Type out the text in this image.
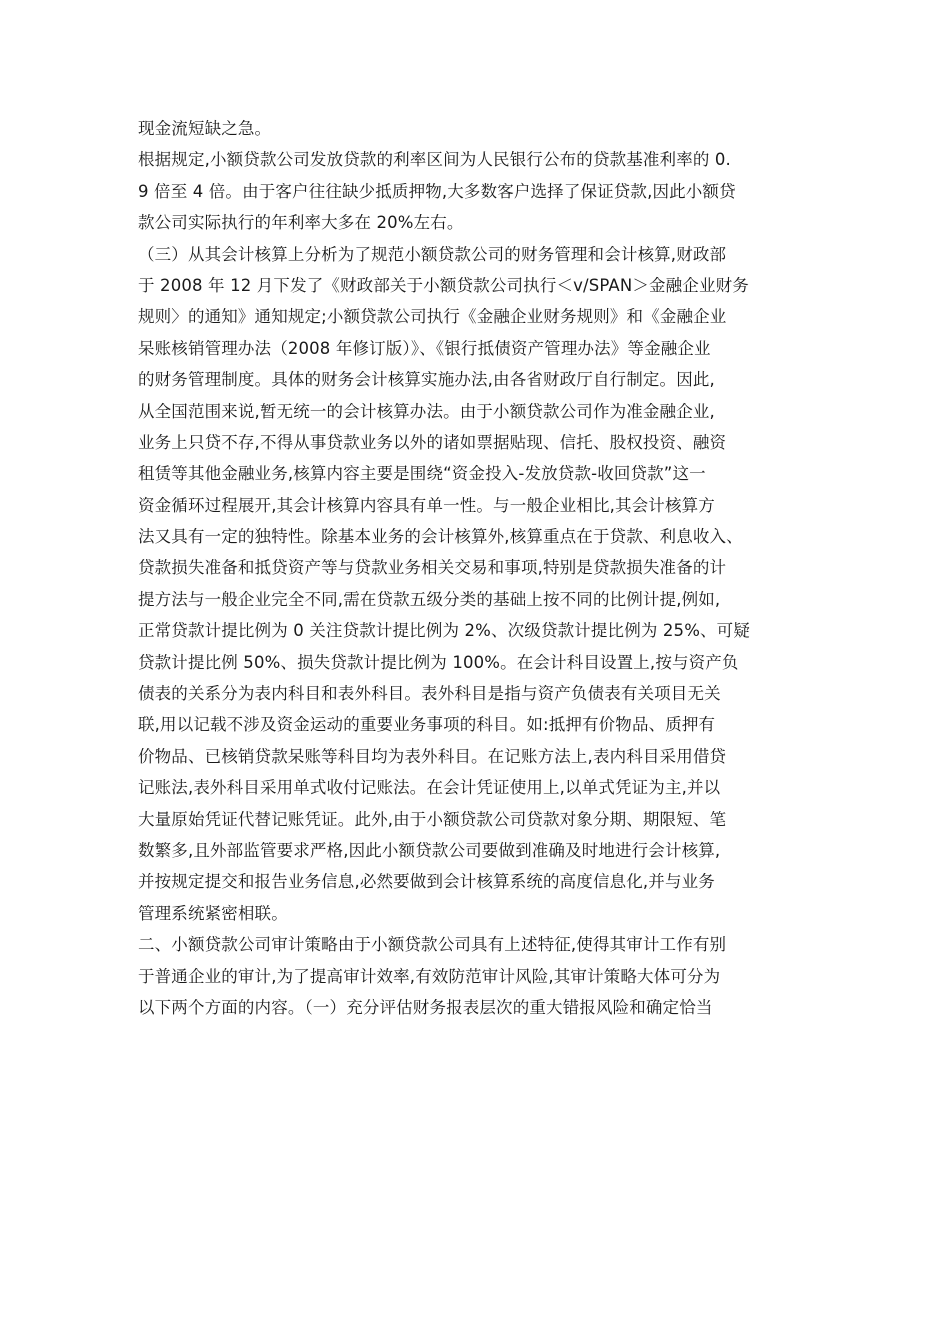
现金流短缺之急。
根据规定,小额贷款公司发放贷款的利率区间为人民银行公布的贷款基准利率的 0.
9 倍至 4 倍。由于客户往往缺少抵质押物,大多数客户选择了保证贷款,因此小额贷
款公司实际执行的年利率大多在 20%左右。
（三）从其会计核算上分析为了规范小额贷款公司的财务管理和会计核算,财政部
于 2008 年 12 月下发了《财政部关于小额贷款公司执行＜v/SPAN＞金融企业财务
规则〉的通知》通知规定;小额贷款公司执行《金融企业财务规则》和《金融企业
呆账核销管理办法（2008 年修订版）》、《银行抵债资产管理办法》等金融企业
的财务管理制度。具体的财务会计核算实施办法,由各省财政厅自行制定。因此,
从全国范围来说,暂无统一的会计核算办法。由于小额贷款公司作为准金融企业,
业务上只贷不存,不得从事贷款业务以外的诸如票据贴现、信托、股权投资、融资
租赁等其他金融业务,核算内容主要是围绕“资金投入-发放贷款-收回贷款”这一
资金循环过程展开,其会计核算内容具有单一性。与一般企业相比,其会计核算方
法又具有一定的独特性。除基本业务的会计核算外,核算重点在于贷款、利息收入、
贷款损失准备和抵贷资产等与贷款业务相关交易和事项,特别是贷款损失准备的计
提方法与一般企业完全不同,需在贷款五级分类的基础上按不同的比例计提,例如,
正常贷款计提比例为 0 关注贷款计提比例为 2%、次级贷款计提比例为 25%、可疑
贷款计提比例 50%、损失贷款计提比例为 100%。在会计科目设置上,按与资产负
债表的关系分为表内科目和表外科目。表外科目是指与资产负债表有关项目无关
联,用以记载不涉及资金运动的重要业务事项的科目。如:抵押有价物品、质押有
价物品、已核销贷款呆账等科目均为表外科目。在记账方法上,表内科目采用借贷
记账法,表外科目采用单式收付记账法。在会计凭证使用上,以单式凭证为主,并以
大量原始凭证代替记账凭证。此外,由于小额贷款公司贷款对象分期、期限短、笔
数繁多,且外部监管要求严格,因此小额贷款公司要做到准确及时地进行会计核算,
并按规定提交和报告业务信息,必然要做到会计核算系统的高度信息化,并与业务
管理系统紧密相联。
二、小额贷款公司审计策略由于小额贷款公司具有上述特征,使得其审计工作有别
于普通企业的审计,为了提高审计效率,有效防范审计风险,其审计策略大体可分为
以下两个方面的内容。（一）充分评估财务报表层次的重大错报风险和确定恰当
